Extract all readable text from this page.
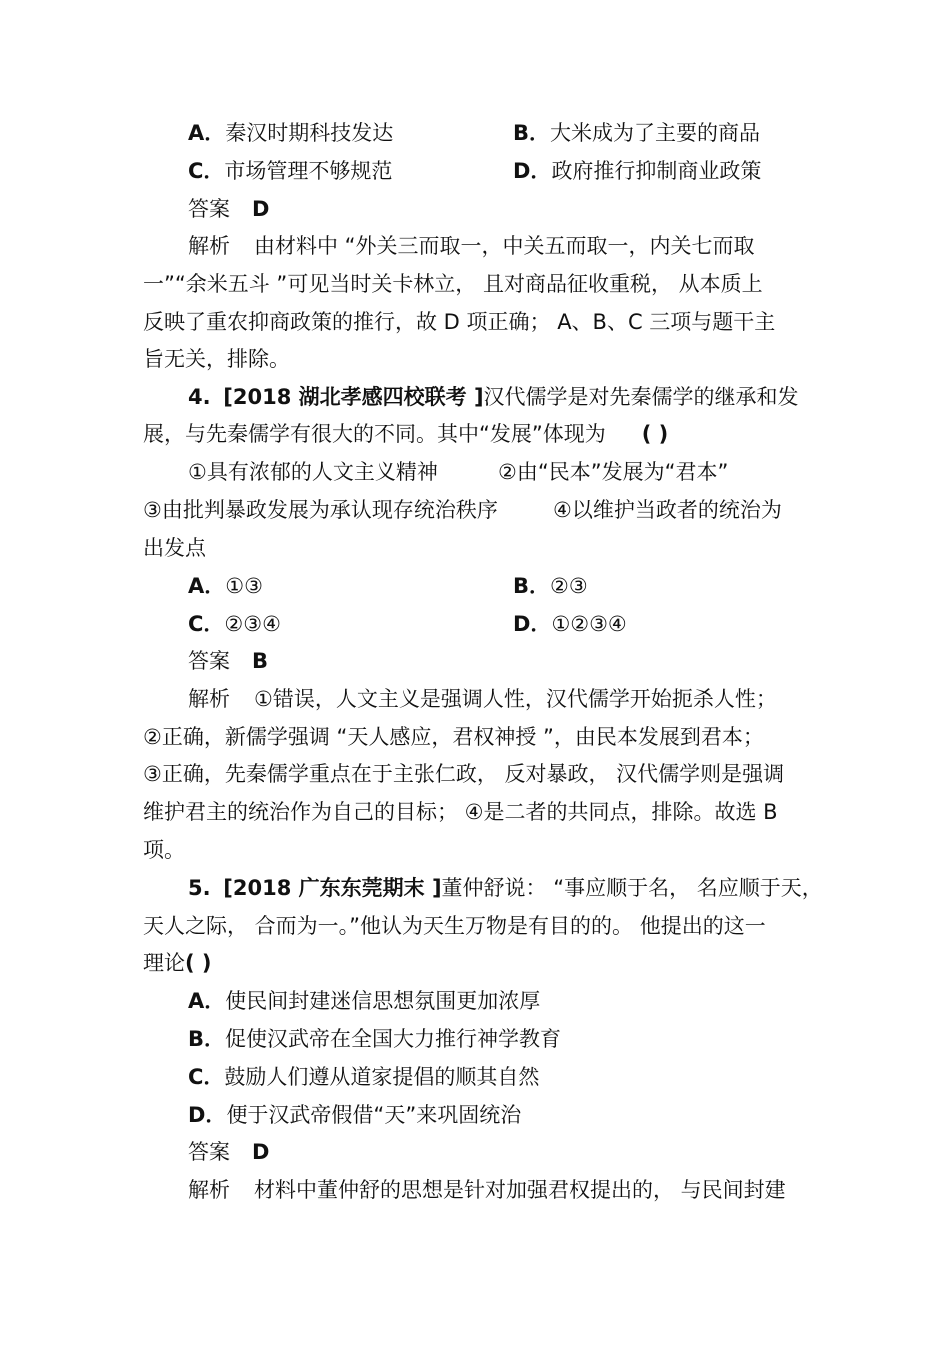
A．秦汉时期科技发达	B．大米成为了主要的商品
C．市场管理不够规范	D．政府推行抑制商业政策
答案 D
解析 由材料中 “外关三而取一，中关五而取一，内关七而取
一”“余米五斗 ”可见当时关卡林立， 且对商品征收重税， 从本质上
反映了重农抑商政策的推行，故 D 项正确； A、B、C 三项与题干主
旨无关，排除。
4. [2018 湖北孝感四校联考 ]汉代儒学是对先秦儒学的继承和发
展，与先秦儒学有很大的不同。其中“发展”体现为 ( )
①具有浓郁的人文主义精神	②由“民本”发展为“君本”
③由批判暴政发展为承认现存统治秩序	④以维护当政者的统治为
出发点
A．①③	B．②③
C．②③④	D．①②③④
答案 B
解析 ①错误，人文主义是强调人性，汉代儒学开始扼杀人性；
②正确，新儒学强调 “天人感应，君权神授 ”，由民本发展到君本；
③正确，先秦儒学重点在于主张仁政， 反对暴政， 汉代儒学则是强调
维护君主的统治作为自己的目标； ④是二者的共同点，排除。故选 B
项。
5. [2018 广东东莞期末 ]董仲舒说： “事应顺于名， 名应顺于天，
天人之际， 合而为一。”他认为天生万物是有目的的。 他提出的这一
理论( )
A．使民间封建迷信思想氛围更加浓厚
B．促使汉武帝在全国大力推行神学教育
C．鼓励人们遵从道家提倡的顺其自然
D．便于汉武帝假借“天”来巩固统治
答案 D
解析 材料中董仲舒的思想是针对加强君权提出的， 与民间封建
